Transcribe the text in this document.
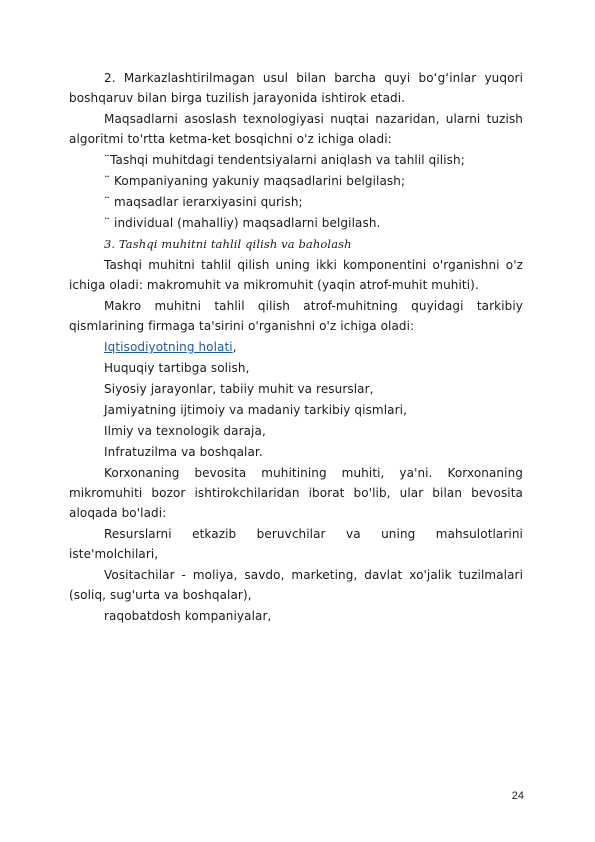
2. Markazlashtirilmagan usul bilan barcha quyi bo‘g‘inlar yuqori boshqaruv bilan birga tuzilish jarayonida ishtirok etadi.

Maqsadlarni asoslash texnologiyasi nuqtai nazaridan, ularni tuzish algoritmi to'rtta ketma-ket bosqichni o'z ichiga oladi:

¨Tashqi muhitdagi tendentsiyalarni aniqlash va tahlil qilish;
¨ Kompaniyaning yakuniy maqsadlarini belgilash;
¨ maqsadlar ierarxiyasini qurish;
¨ individual (mahalliy) maqsadlarni belgilash.
3. Tashqi muhitni tahlil qilish va baholash

Tashqi muhitni tahlil qilish uning ikki komponentini o'rganishni o'z ichiga oladi: makromuhit va mikromuhit (yaqin atrof-muhit muhiti).

Makro muhitni tahlil qilish atrof-muhitning quyidagi tarkibiy qismlarining firmaga ta'sirini o'rganishni o'z ichiga oladi:

Iqtisodiyotning holati,
Huquqiy tartibga solish,
Siyosiy jarayonlar, tabiiy muhit va resurslar,
Jamiyatning ijtimoiy va madaniy tarkibiy qismlari,
Ilmiy va texnologik daraja,
Infratuzilma va boshqalar.

Korxonaning bevosita muhitining muhiti, ya'ni. Korxonaning mikromuhiti bozor ishtirokchilaridan iborat bo'lib, ular bilan bevosita aloqada bo'ladi:

Resurslarni etkazib beruvchilar va uning mahsulotlarini iste'molchilari,

Vositachilar - moliya, savdo, marketing, davlat xo'jalik tuzilmalari (soliq, sug'urta va boshqalar),

raqobatdosh kompaniyalar,
24
